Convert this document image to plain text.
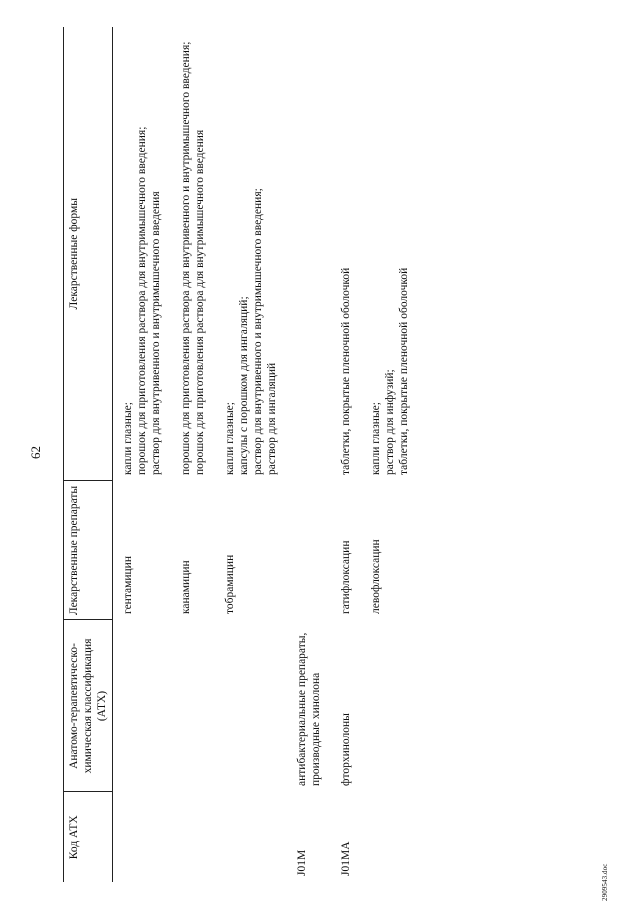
62
Код АТХ	Анатомо-терапевтическо-химическая классификация (АТХ)	Лекарственные препараты	Лекарственные формы
		гентамицин	капли глазные; порошок для приготовления раствора для внутримышечного введения; раствор для внутривенного и внутримышечного введения

		канамицин	порошок для приготовления раствора для внутривенного и внутримышечного введения; порошок для приготовления раствора для внутримышечного введения

		тобрамицин	капли глазные; капсулы с порошком для ингаляций; раствор для внутривенного и внутримышечного введения; раствор для ингаляций

J01M	антибактериальные препараты, производные хинолона		
J01MA	фторхинолоны	гатифлоксацин	таблетки, покрытые пленочной оболочкой

		левофлоксацин	капли глазные; раствор для инфузий; таблетки, покрытые пленочной оболочкой
2909543.doc
